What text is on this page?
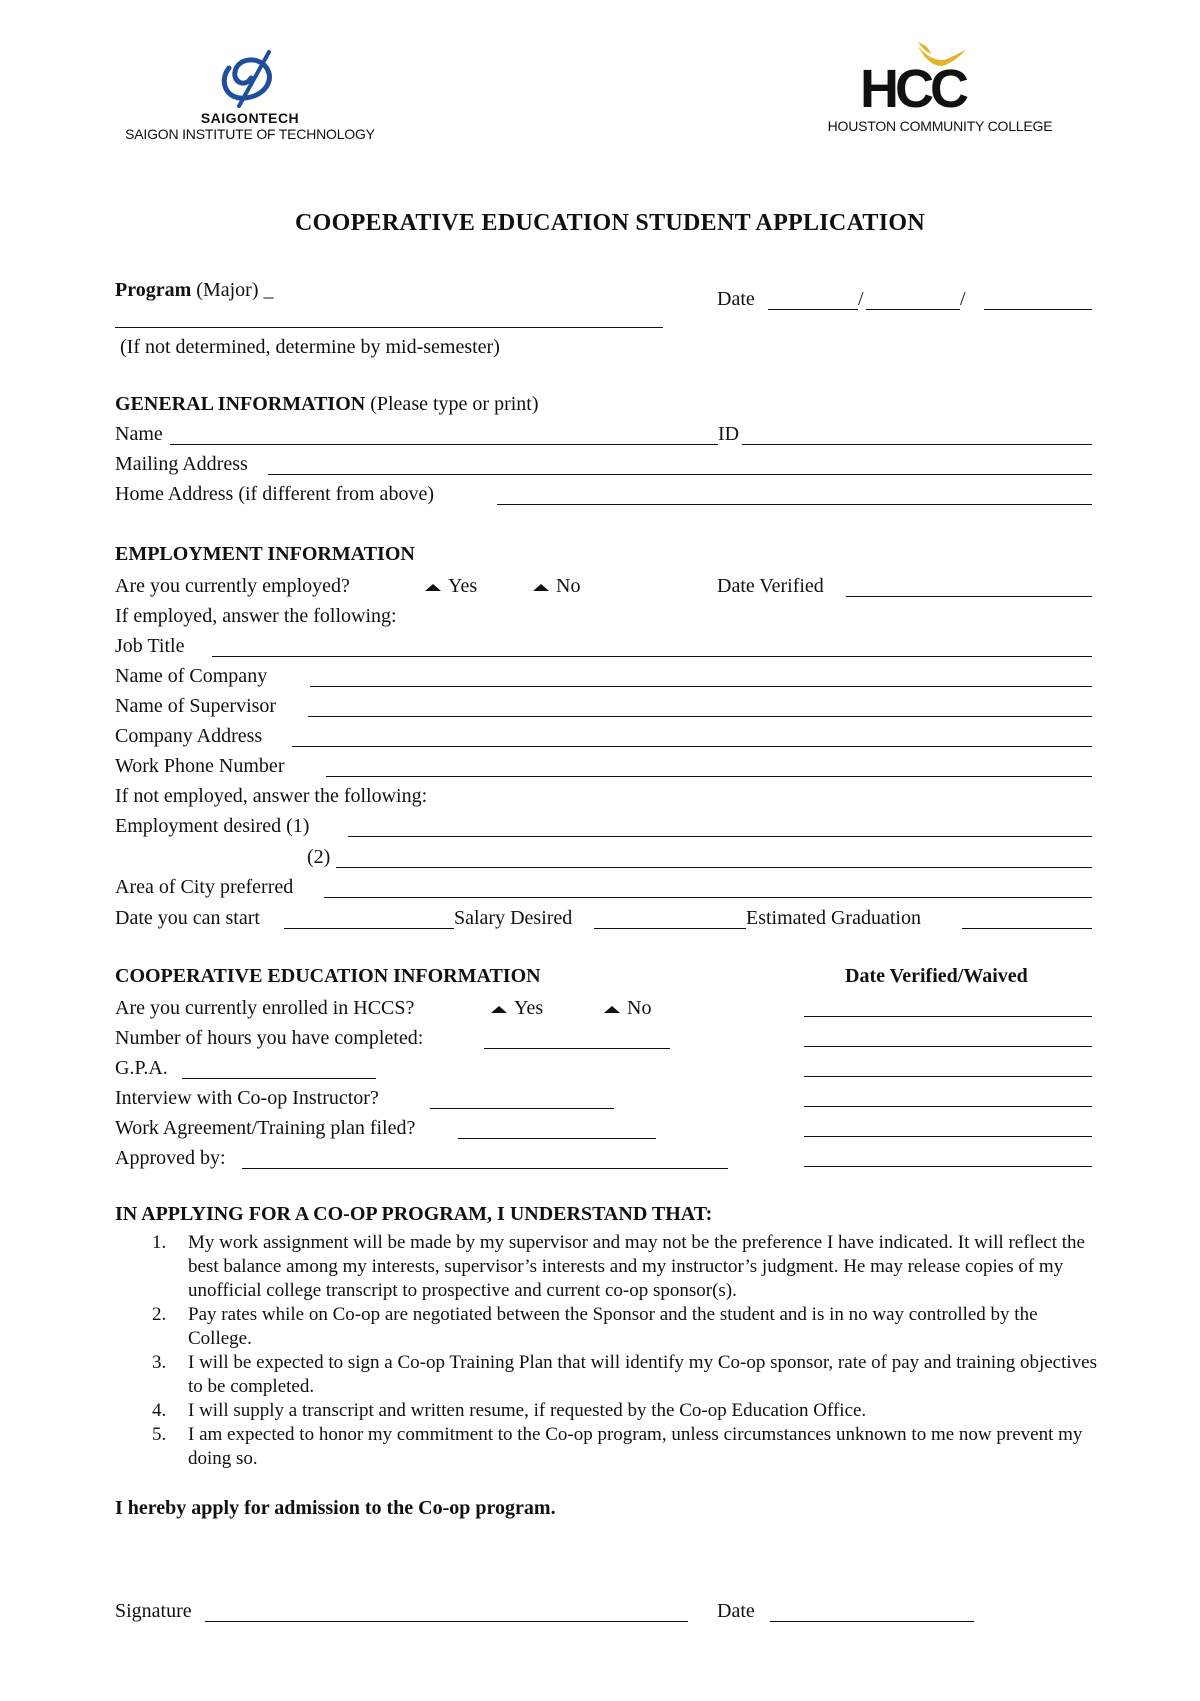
SAIGONTECH
SAIGON INSTITUTE OF TECHNOLOGY
HCC
HOUSTON COMMUNITY COLLEGE
COOPERATIVE EDUCATION STUDENT APPLICATION
Program (Major) _
(If not determined, determine by mid-semester)
Date	/	/
GENERAL INFORMATION (Please type or print)
Name	ID
Mailing Address
Home Address (if different from above)
EMPLOYMENT INFORMATION
Are you currently employed?	Yes	No	Date Verified
If employed, answer the following:
Job Title
Name of Company
Name of Supervisor
Company Address
Work Phone Number
If not employed, answer the following:
Employment desired (1)
(2)
Area of City preferred
Date you can start	Salary Desired	Estimated Graduation
COOPERATIVE EDUCATION INFORMATION	Date Verified/Waived
Are you currently enrolled in HCCS?	Yes	No
Number of hours you have completed:
G.P.A.
Interview with Co-op Instructor?
Work Agreement/Training plan filed?
Approved by:
IN APPLYING FOR A CO-OP PROGRAM, I UNDERSTAND THAT:
1. My work assignment will be made by my supervisor and may not be the preference I have indicated. It will reflect the best balance among my interests, supervisor’s interests and my instructor’s judgment. He may release copies of my unofficial college transcript to prospective and current co-op sponsor(s).
2. Pay rates while on Co-op are negotiated between the Sponsor and the student and is in no way controlled by the College.
3. I will be expected to sign a Co-op Training Plan that will identify my Co-op sponsor, rate of pay and training objectives to be completed.
4. I will supply a transcript and written resume, if requested by the Co-op Education Office.
5. I am expected to honor my commitment to the Co-op program, unless circumstances unknown to me now prevent my doing so.
I hereby apply for admission to the Co-op program.
Signature	Date
